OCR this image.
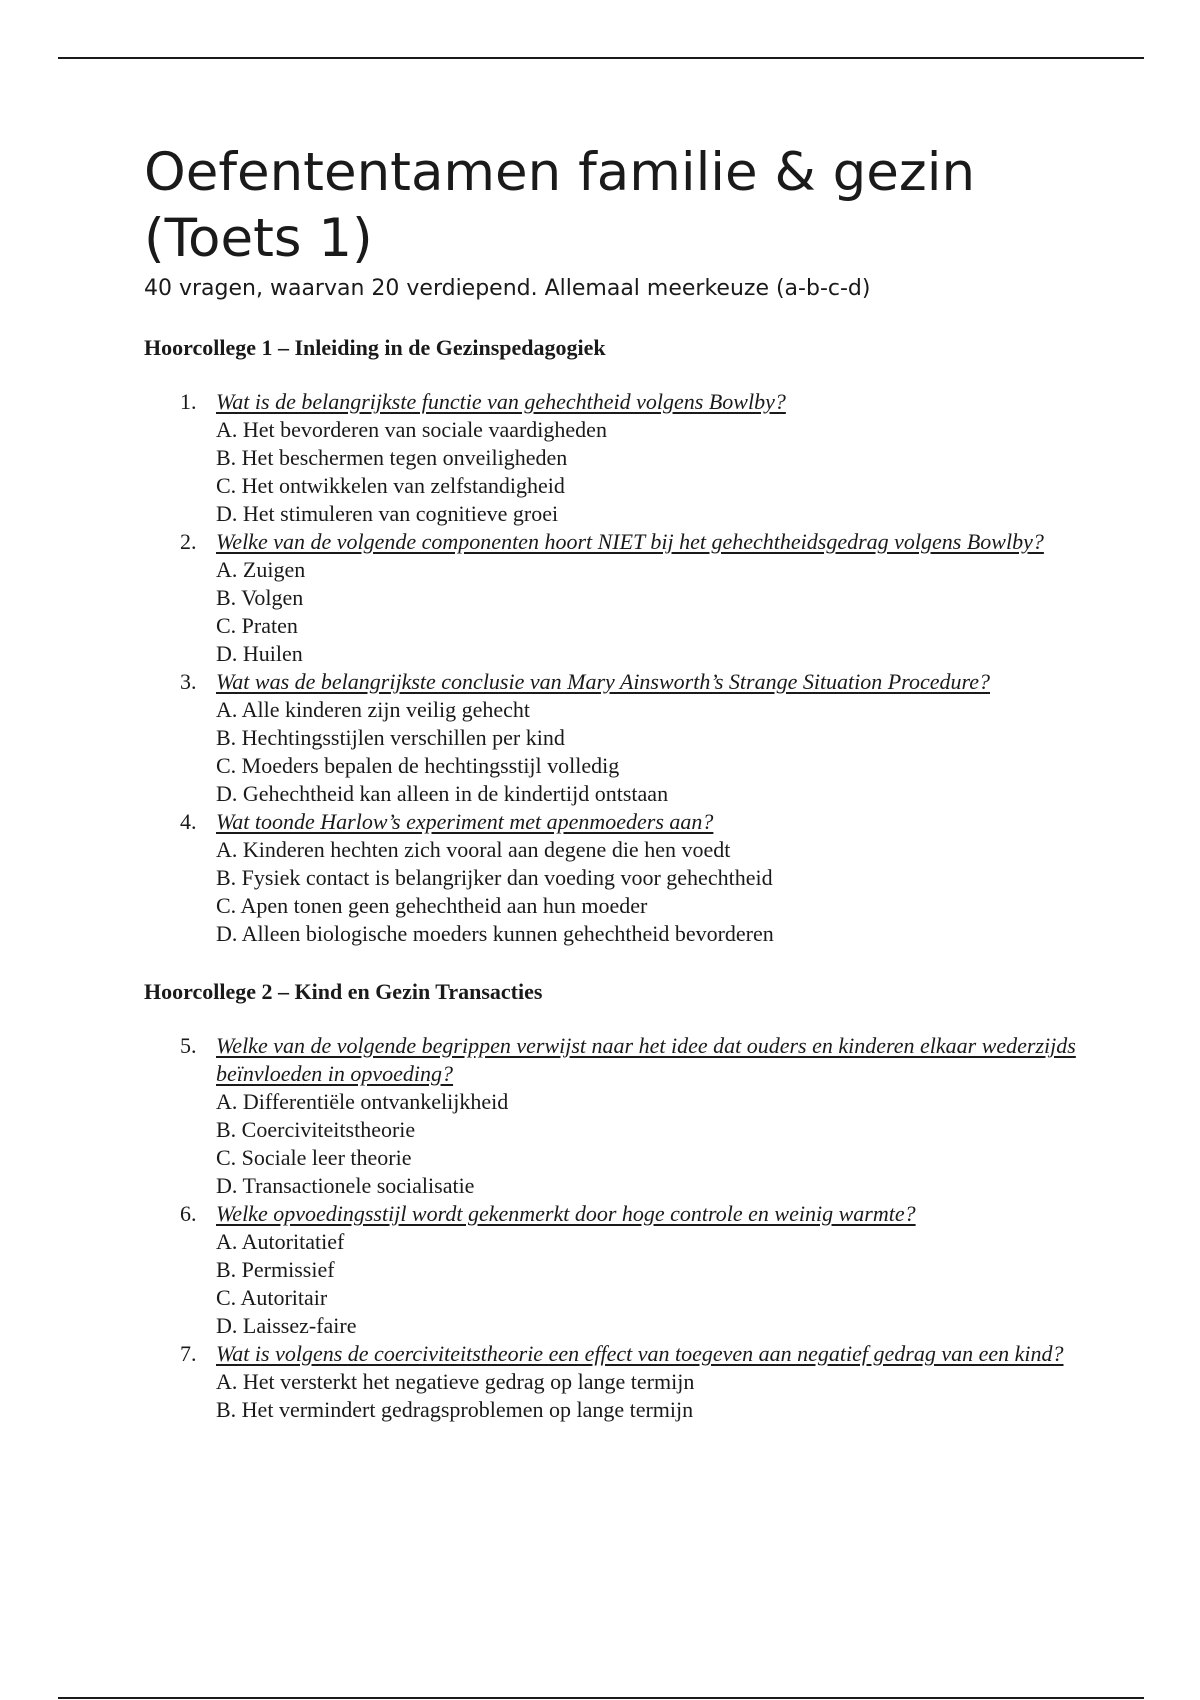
Oefententamen familie & gezin (Toets 1)

40 vragen, waarvan 20 verdiepend. Allemaal meerkeuze (a-b-c-d)

Hoorcollege 1 – Inleiding in de Gezinspedagogiek
1. Wat is de belangrijkste functie van gehechtheid volgens Bowlby?
A. Het bevorderen van sociale vaardigheden
B. Het beschermen tegen onveiligheden
C. Het ontwikkelen van zelfstandigheid
D. Het stimuleren van cognitieve groei
2. Welke van de volgende componenten hoort NIET bij het gehechtheidsgedrag volgens Bowlby?
A. Zuigen
B. Volgen
C. Praten
D. Huilen
3. Wat was de belangrijkste conclusie van Mary Ainsworth’s Strange Situation Procedure?
A. Alle kinderen zijn veilig gehecht
B. Hechtingsstijlen verschillen per kind
C. Moeders bepalen de hechtingsstijl volledig
D. Gehechtheid kan alleen in de kindertijd ontstaan
4. Wat toonde Harlow’s experiment met apenmoeders aan?
A. Kinderen hechten zich vooral aan degene die hen voedt
B. Fysiek contact is belangrijker dan voeding voor gehechtheid
C. Apen tonen geen gehechtheid aan hun moeder
D. Alleen biologische moeders kunnen gehechtheid bevorderen
Hoorcollege 2 – Kind en Gezin Transacties
5. Welke van de volgende begrippen verwijst naar het idee dat ouders en kinderen elkaar wederzijds beïnvloeden in opvoeding?
A. Differentiële ontvankelijkheid
B. Coerciviteitstheorie
C. Sociale leer theorie
D. Transactionele socialisatie
6. Welke opvoedingsstijl wordt gekenmerkt door hoge controle en weinig warmte?
A. Autoritatief
B. Permissief
C. Autoritair
D. Laissez-faire
7. Wat is volgens de coerciviteitstheorie een effect van toegeven aan negatief gedrag van een kind?
A. Het versterkt het negatieve gedrag op lange termijn
B. Het vermindert gedragsproblemen op lange termijn
